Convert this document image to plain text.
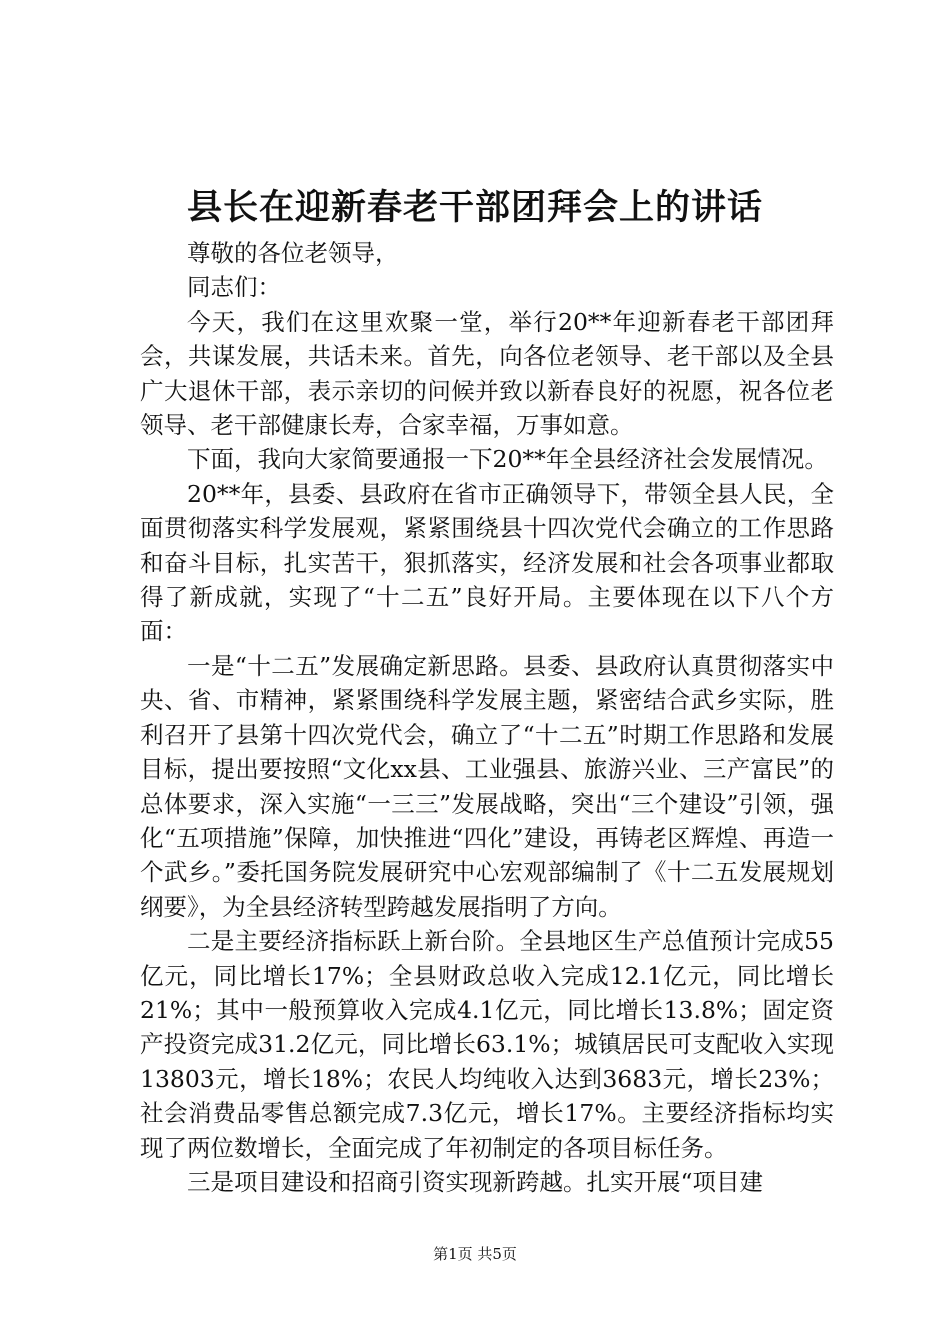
县长在迎新春老干部团拜会上的讲话

尊敬的各位老领导，

同志们：

今天，我们在这里欢聚一堂，举行20**年迎新春老干部团拜会，共谋发展，共话未来。首先，向各位老领导、老干部以及全县广大退休干部，表示亲切的问候并致以新春良好的祝愿，祝各位老领导、老干部健康长寿，合家幸福，万事如意。

下面，我向大家简要通报一下20**年全县经济社会发展情况。

20**年，县委、县政府在省市正确领导下，带领全县人民，全面贯彻落实科学发展观，紧紧围绕县十四次党代会确立的工作思路和奋斗目标，扎实苦干，狠抓落实，经济发展和社会各项事业都取得了新成就，实现了“十二五”良好开局。主要体现在以下八个方面：

一是“十二五”发展确定新思路。县委、县政府认真贯彻落实中央、省、市精神，紧紧围绕科学发展主题，紧密结合武乡实际，胜利召开了县第十四次党代会，确立了“十二五”时期工作思路和发展目标，提出要按照“文化xx县、工业强县、旅游兴业、三产富民”的总体要求，深入实施“一三三”发展战略，突出“三个建设”引领，强化“五项措施”保障，加快推进“四化”建设，再铸老区辉煌、再造一个武乡。”委托国务院发展研究中心宏观部编制了《十二五发展规划纲要》，为全县经济转型跨越发展指明了方向。

二是主要经济指标跃上新台阶。全县地区生产总值预计完成55亿元，同比增长17%；全县财政总收入完成12.1亿元，同比增长21%；其中一般预算收入完成4.1亿元，同比增长13.8%；固定资产投资完成31.2亿元，同比增长63.1%；城镇居民可支配收入实现13803元，增长18%；农民人均纯收入达到3683元，增长23%；社会消费品零售总额完成7.3亿元，增长17%。主要经济指标均实现了两位数增长，全面完成了年初制定的各项目标任务。

三是项目建设和招商引资实现新跨越。扎实开展“项目建

第1页 共5页
